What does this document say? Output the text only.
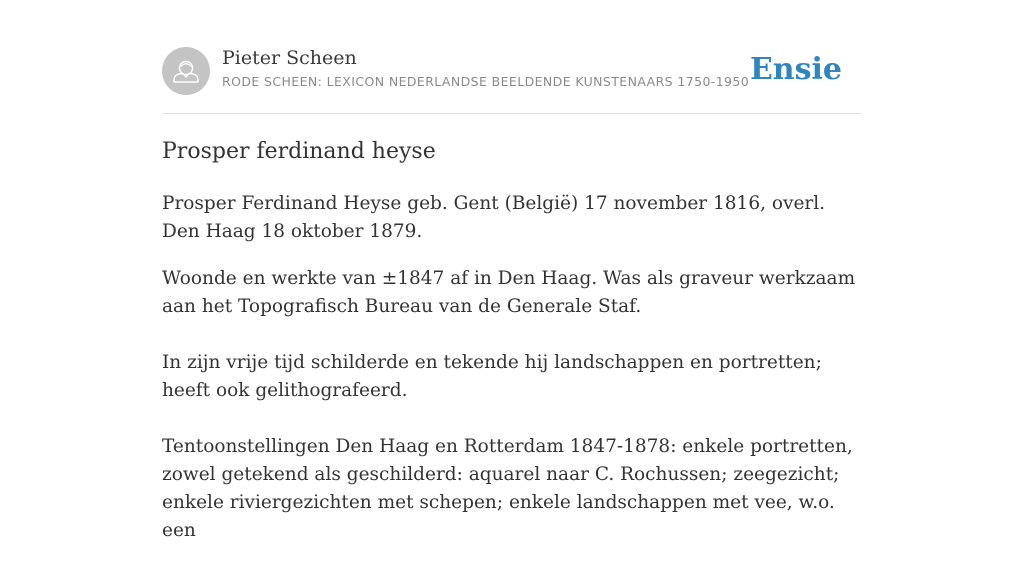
Pieter Scheen
RODE SCHEEN: LEXICON NEDERLANDSE BEELDENDE KUNSTENAARS 1750-1950 Ensie
Prosper ferdinand heyse

Prosper Ferdinand Heyse geb. Gent (België) 17 november 1816, overl. Den Haag 18 oktober 1879.

Woonde en werkte van ±1847 af in Den Haag. Was als graveur werkzaam aan het Topografisch Bureau van de Generale Staf.

In zijn vrije tijd schilderde en tekende hij landschappen en portretten; heeft ook gelithografeerd.

Tentoonstellingen Den Haag en Rotterdam 1847-1878: enkele portretten, zowel getekend als geschilderd: aquarel naar C. Rochussen; zeegezicht; enkele riviergezichten met schepen; enkele landschappen met vee, w.o. een
